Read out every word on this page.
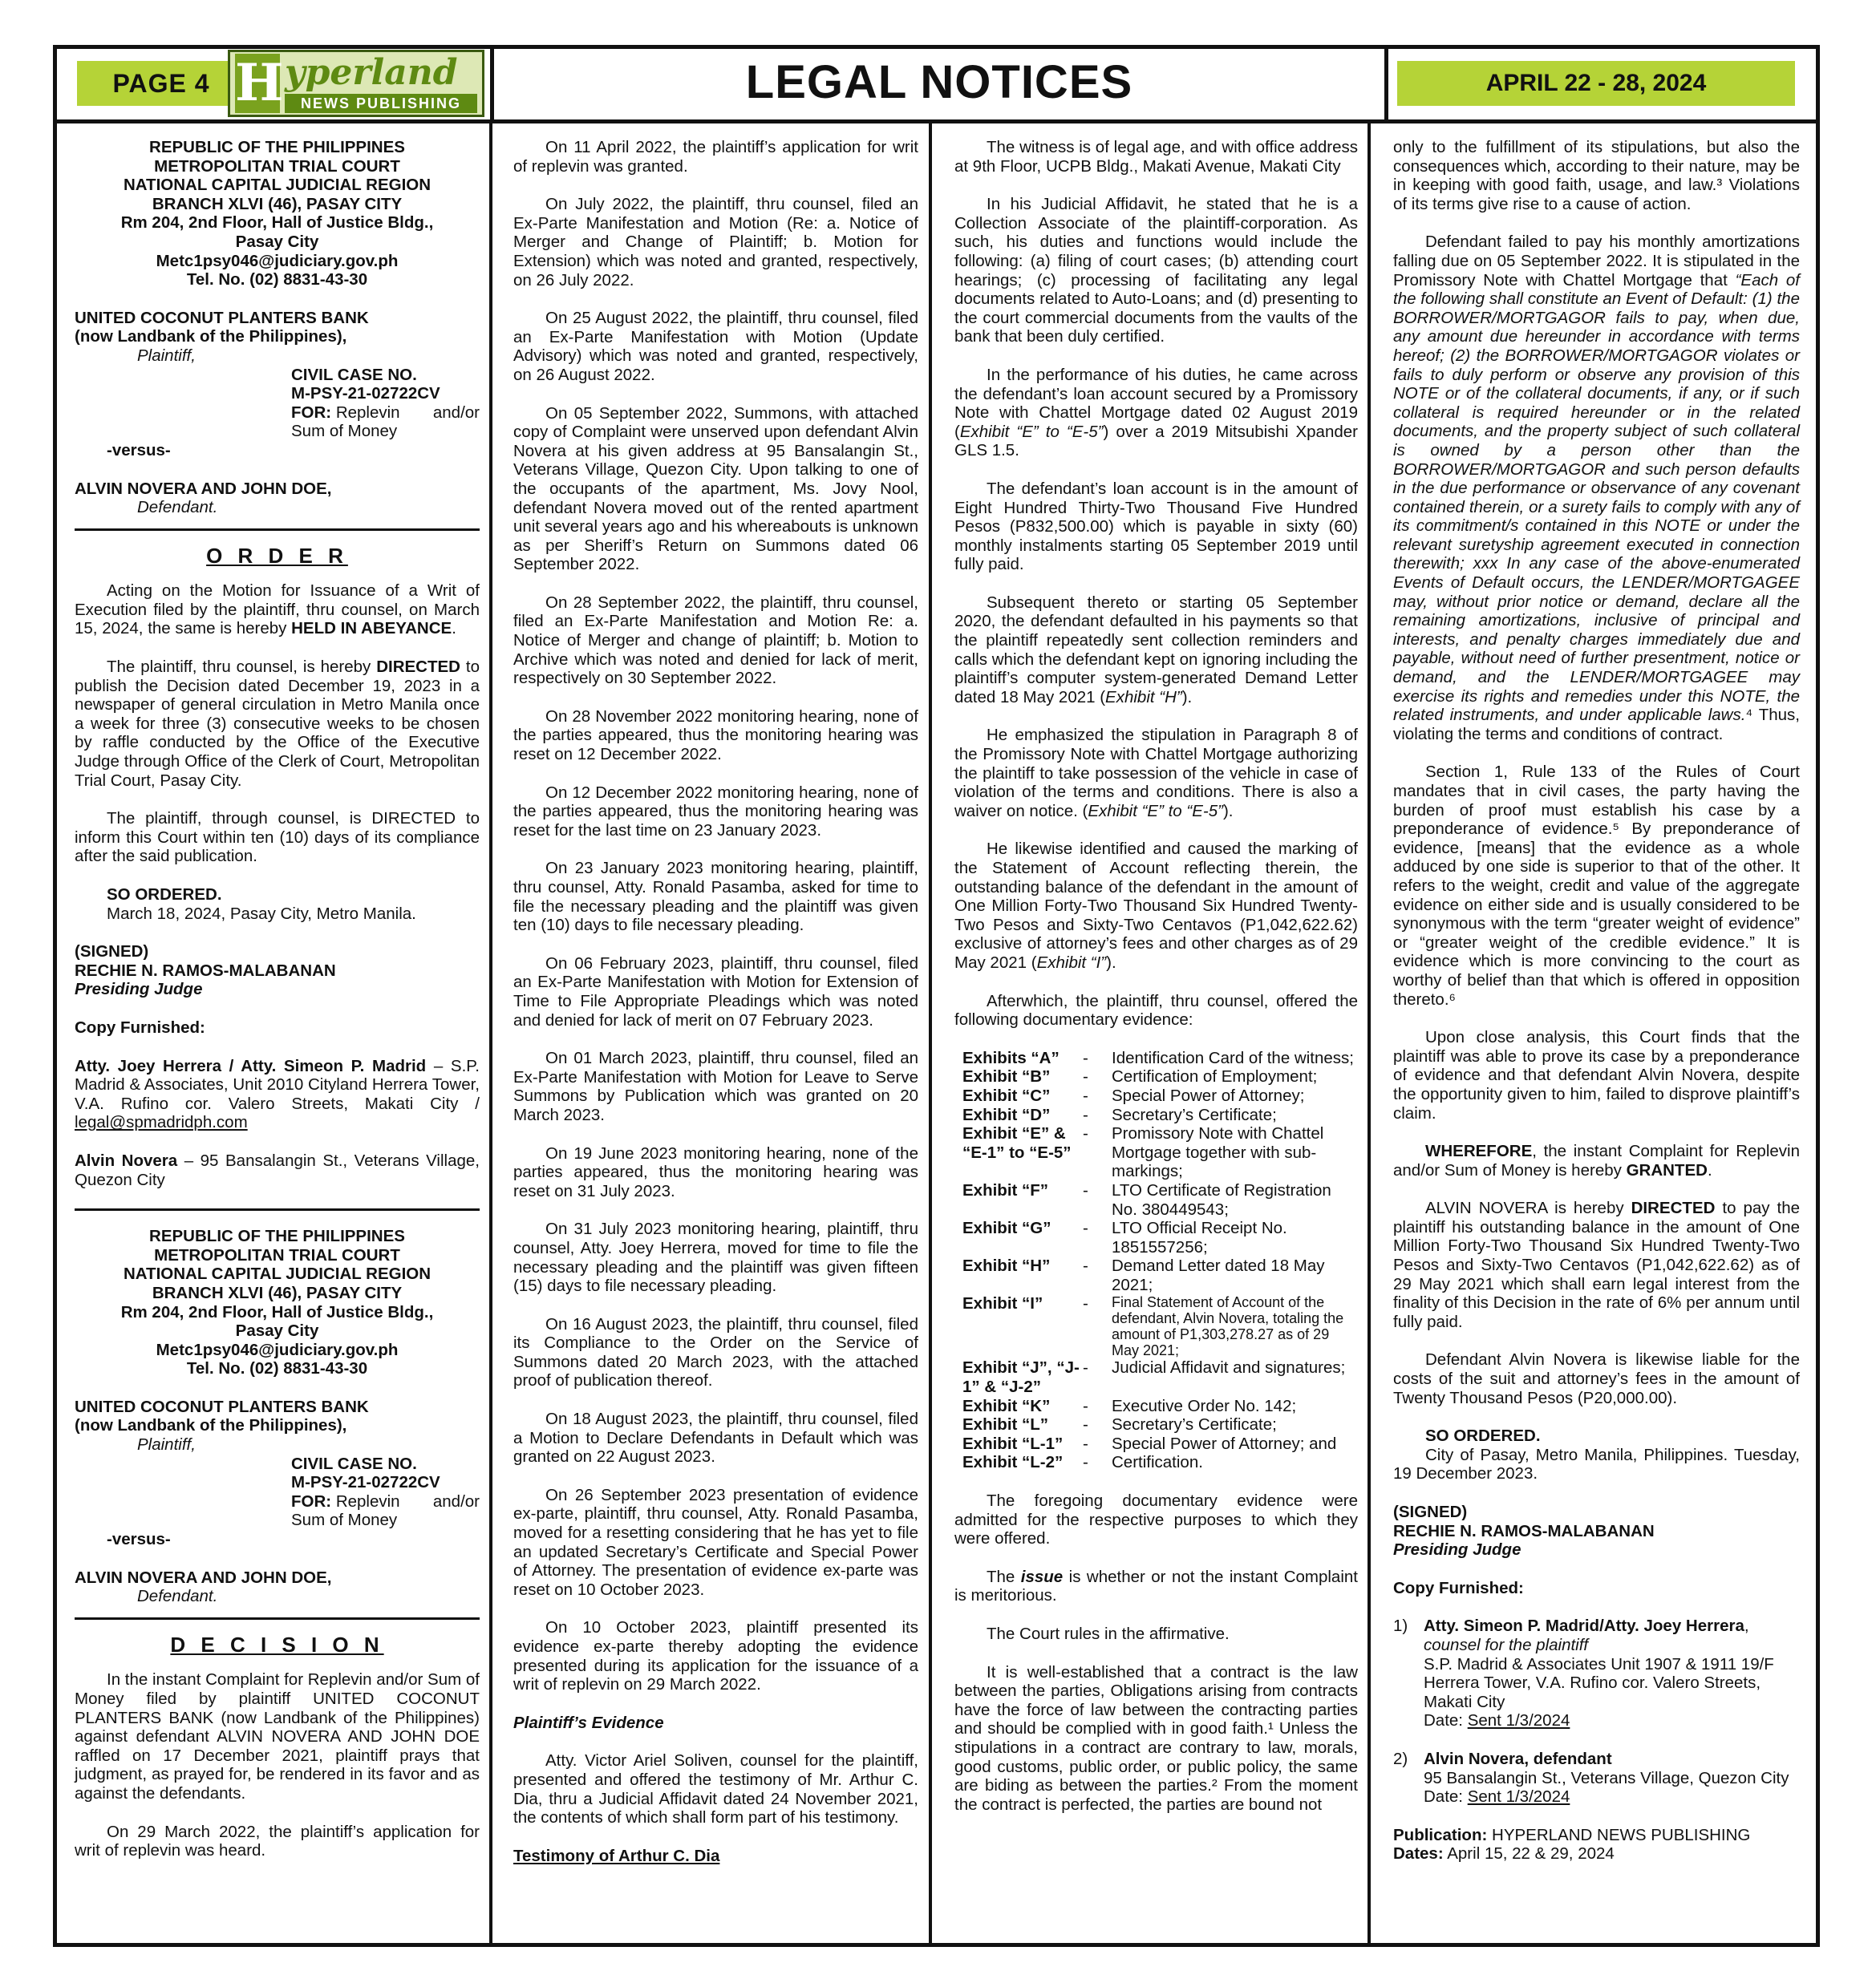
PAGE 4 H yperland
NEWS PUBLISHING	LEGAL NOTICES	APRIL 22 - 28, 2024
REPUBLIC OF THE PHILIPPINES
METROPOLITAN TRIAL COURT
NATIONAL CAPITAL JUDICIAL REGION
BRANCH XLVI (46), PASAY CITY
Rm 204, 2nd Floor, Hall of Justice Bldg.,
Pasay City
Metc1psy046@judiciary.gov.ph
Tel. No. (02) 8831-43-30

UNITED COCONUT PLANTERS BANK

(now Landbank of the Philippines),

Plaintiff,

CIVIL CASE NO.
M-PSY-21-02722CV
FOR: Replevin and/or
Sum of Money

-versus-

ALVIN NOVERA AND JOHN DOE,

Defendant.

O R D E R

Acting on the Motion for Issuance of a Writ of Execution filed by the plaintiff, thru counsel, on March 15, 2024, the same is hereby HELD IN ABEYANCE.

The plaintiff, thru counsel, is hereby DIRECTED to publish the Decision dated December 19, 2023 in a newspaper of general circulation in Metro Manila once a week for three (3) consecutive weeks to be chosen by raffle conducted by the Office of the Executive Judge through Office of the Clerk of Court, Metropolitan Trial Court, Pasay City.

The plaintiff, through counsel, is DIRECTED to inform this Court within ten (10) days of its compliance after the said publication.

SO ORDERED.

March 18, 2024, Pasay City, Metro Manila.

(SIGNED)

RECHIE N. RAMOS-MALABANAN

Presiding Judge

Copy Furnished:

Atty. Joey Herrera / Atty. Simeon P. Madrid – S.P. Madrid & Associates, Unit 2010 Cityland Herrera Tower, V.A. Rufino cor. Valero Streets, Makati City / legal@spmadridph.com

Alvin Novera – 95 Bansalangin St., Veterans Village, Quezon City

REPUBLIC OF THE PHILIPPINES
METROPOLITAN TRIAL COURT
NATIONAL CAPITAL JUDICIAL REGION
BRANCH XLVI (46), PASAY CITY
Rm 204, 2nd Floor, Hall of Justice Bldg.,
Pasay City
Metc1psy046@judiciary.gov.ph
Tel. No. (02) 8831-43-30

UNITED COCONUT PLANTERS BANK

(now Landbank of the Philippines),

Plaintiff,

CIVIL CASE NO.
M-PSY-21-02722CV
FOR: Replevin and/or
Sum of Money

-versus-

ALVIN NOVERA AND JOHN DOE,

Defendant.

D E C I S I O N

In the instant Complaint for Replevin and/or Sum of Money filed by plaintiff UNITED COCONUT PLANTERS BANK (now Landbank of the Philippines) against defendant ALVIN NOVERA AND JOHN DOE raffled on 17 December 2021, plaintiff prays that judgment, as prayed for, be rendered in its favor and as against the defendants.

On 29 March 2022, the plaintiff’s application for writ of replevin was heard.

On 11 April 2022, the plaintiff’s application for writ of replevin was granted.

On July 2022, the plaintiff, thru counsel, filed an Ex-Parte Manifestation and Motion (Re: a. Notice of Merger and Change of Plaintiff; b. Motion for Extension) which was noted and granted, respectively, on 26 July 2022.

On 25 August 2022, the plaintiff, thru counsel, filed an Ex-Parte Manifestation with Motion (Update Advisory) which was noted and granted, respectively, on 26 August 2022.

On 05 September 2022, Summons, with attached copy of Complaint were unserved upon defendant Alvin Novera at his given address at 95 Bansalangin St., Veterans Village, Quezon City. Upon talking to one of the occupants of the apartment, Ms. Jovy Nool, defendant Novera moved out of the rented apartment unit several years ago and his whereabouts is unknown as per Sheriff’s Return on Summons dated 06 September 2022.

On 28 September 2022, the plaintiff, thru counsel, filed an Ex-Parte Manifestation and Motion Re: a. Notice of Merger and change of plaintiff; b. Motion to Archive which was noted and denied for lack of merit, respectively on 30 September 2022.

On 28 November 2022 monitoring hearing, none of the parties appeared, thus the monitoring hearing was reset on 12 December 2022.

On 12 December 2022 monitoring hearing, none of the parties appeared, thus the monitoring hearing was reset for the last time on 23 January 2023.

On 23 January 2023 monitoring hearing, plaintiff, thru counsel, Atty. Ronald Pasamba, asked for time to file the necessary pleading and the plaintiff was given ten (10) days to file necessary pleading.

On 06 February 2023, plaintiff, thru counsel, filed an Ex-Parte Manifestation with Motion for Extension of Time to File Appropriate Pleadings which was noted and denied for lack of merit on 07 February 2023.

On 01 March 2023, plaintiff, thru counsel, filed an Ex-Parte Manifestation with Motion for Leave to Serve Summons by Publication which was granted on 20 March 2023.

On 19 June 2023 monitoring hearing, none of the parties appeared, thus the monitoring hearing was reset on 31 July 2023.

On 31 July 2023 monitoring hearing, plaintiff, thru counsel, Atty. Joey Herrera, moved for time to file the necessary pleading and the plaintiff was given fifteen (15) days to file necessary pleading.

On 16 August 2023, the plaintiff, thru counsel, filed its Compliance to the Order on the Service of Summons dated 20 March 2023, with the attached proof of publication thereof.

On 18 August 2023, the plaintiff, thru counsel, filed a Motion to Declare Defendants in Default which was granted on 22 August 2023.

On 26 September 2023 presentation of evidence ex-parte, plaintiff, thru counsel, Atty. Ronald Pasamba, moved for a resetting considering that he has yet to file an updated Secretary’s Certificate and Special Power of Attorney. The presentation of evidence ex-parte was reset on 10 October 2023.

On 10 October 2023, plaintiff presented its evidence ex-parte thereby adopting the evidence presented during its application for the issuance of a writ of replevin on 29 March 2022.

Plaintiff’s Evidence

Atty. Victor Ariel Soliven, counsel for the plaintiff, presented and offered the testimony of Mr. Arthur C. Dia, thru a Judicial Affidavit dated 24 November 2021, the contents of which shall form part of his testimony.

Testimony of Arthur C. Dia

The witness is of legal age, and with office address at 9th Floor, UCPB Bldg., Makati Avenue, Makati City

In his Judicial Affidavit, he stated that he is a Collection Associate of the plaintiff-corporation. As such, his duties and functions would include the following: (a) filing of court cases; (b) attending court hearings; (c) processing of facilitating any legal documents related to Auto-Loans; and (d) presenting to the court commercial documents from the vaults of the bank that been duly certified.

In the performance of his duties, he came across the defendant’s loan account secured by a Promissory Note with Chattel Mortgage dated 02 August 2019 (Exhibit “E” to “E-5”) over a 2019 Mitsubishi Xpander GLS 1.5.

The defendant’s loan account is in the amount of Eight Hundred Thirty-Two Thousand Five Hundred Pesos (P832,500.00) which is payable in sixty (60) monthly instalments starting 05 September 2019 until fully paid.

Subsequent thereto or starting 05 September 2020, the defendant defaulted in his payments so that the plaintiff repeatedly sent collection reminders and calls which the defendant kept on ignoring including the plaintiff’s computer system-generated Demand Letter dated 18 May 2021 (Exhibit “H”).

He emphasized the stipulation in Paragraph 8 of the Promissory Note with Chattel Mortgage authorizing the plaintiff to take possession of the vehicle in case of violation of the terms and conditions. There is also a waiver on notice. (Exhibit “E” to “E-5”).

He likewise identified and caused the marking of the Statement of Account reflecting therein, the outstanding balance of the defendant in the amount of One Million Forty-Two Thousand Six Hundred Twenty-Two Pesos and Sixty-Two Centavos (P1,042,622.62) exclusive of attorney’s fees and other charges as of 29 May 2021 (Exhibit “I”).

Afterwhich, the plaintiff, thru counsel, offered the following documentary evidence:

Exhibits “A”	-	Identification Card of the witness;
Exhibit “B”	-	Certification of Employment;
Exhibit “C”	-	Special Power of Attorney;
Exhibit “D”	-	Secretary’s Certificate;
Exhibit “E” & “E-1” to “E-5”
-	Promissory Note with Chattel Mortgage together with sub-markings;
Exhibit “F”	-	LTO Certificate of Registration No. 380449543;
Exhibit “G”	-	LTO Official Receipt No. 1851557256;
Exhibit “H”	-	Demand Letter dated 18 May 2021;
Exhibit “I”	-	Final Statement of Account of the defendant, Alvin Novera, totaling the amount of P1,303,278.27 as of 29 May 2021;
Exhibit “J”, “J-1” & “J-2”
-	Judicial Affidavit and signatures;
Exhibit “K”	-	Executive Order No. 142;
Exhibit “L”	-	Secretary’s Certificate;
Exhibit “L-1”	-	Special Power of Attorney; and
Exhibit “L-2”	-	Certification.

The foregoing documentary evidence were admitted for the respective purposes to which they were offered.

The issue is whether or not the instant Complaint is meritorious.

The Court rules in the affirmative.

It is well-established that a contract is the law between the parties, Obligations arising from contracts have the force of law between the contracting parties and should be complied with in good faith.¹ Unless the stipulations in a contract are contrary to law, morals, good customs, public order, or public policy, the same are biding as between the parties.² From the moment the contract is perfected, the parties are bound not

only to the fulfillment of its stipulations, but also the consequences which, according to their nature, may be in keeping with good faith, usage, and law.³ Violations of its terms give rise to a cause of action.

Defendant failed to pay his monthly amortizations falling due on 05 September 2022. It is stipulated in the Promissory Note with Chattel Mortgage that “Each of the following shall constitute an Event of Default: (1) the BORROWER/MORTGAGOR fails to pay, when due, any amount due hereunder in accordance with terms hereof; (2) the BORROWER/MORTGAGOR violates or fails to duly perform or observe any provision of this NOTE or of the collateral documents, if any, or if such collateral is required hereunder or in the related documents, and the property subject of such collateral is owned by a person other than the BORROWER/MORTGAGOR and such person defaults in the due performance or observance of any covenant contained therein, or a surety fails to comply with any of its commitment/s contained in this NOTE or under the relevant suretyship agreement executed in connection therewith; xxx In any case of the above-enumerated Events of Default occurs, the LENDER/MORTGAGEE may, without prior notice or demand, declare all the remaining amortizations, inclusive of principal and interests, and penalty charges immediately due and payable, without need of further presentment, notice or demand, and the LENDER/MORTGAGEE may exercise its rights and remedies under this NOTE, the related instruments, and under applicable laws.⁴ Thus, violating the terms and conditions of contract.

Section 1, Rule 133 of the Rules of Court mandates that in civil cases, the party having the burden of proof must establish his case by a preponderance of evidence.⁵ By preponderance of evidence, [means] that the evidence as a whole adduced by one side is superior to that of the other. It refers to the weight, credit and value of the aggregate evidence on either side and is usually considered to be synonymous with the term “greater weight of evidence” or “greater weight of the credible evidence.” It is evidence which is more convincing to the court as worthy of belief than that which is offered in opposition thereto.⁶

Upon close analysis, this Court finds that the plaintiff was able to prove its case by a preponderance of evidence and that defendant Alvin Novera, despite the opportunity given to him, failed to disprove plaintiff’s claim.

WHEREFORE, the instant Complaint for Replevin and/or Sum of Money is hereby GRANTED.

ALVIN NOVERA is hereby DIRECTED to pay the plaintiff his outstanding balance in the amount of One Million Forty-Two Thousand Six Hundred Twenty-Two Pesos and Sixty-Two Centavos (P1,042,622.62) as of 29 May 2021 which shall earn legal interest from the finality of this Decision in the rate of 6% per annum until fully paid.

Defendant Alvin Novera is likewise liable for the costs of the suit and attorney’s fees in the amount of Twenty Thousand Pesos (P20,000.00).

SO ORDERED.

City of Pasay, Metro Manila, Philippines. Tuesday, 19 December 2023.

(SIGNED)

RECHIE N. RAMOS-MALABANAN

Presiding Judge

Copy Furnished:

1) Atty. Simeon P. Madrid/Atty. Joey Herrera,
counsel for the plaintiff
S.P. Madrid & Associates Unit 1907 & 1911 19/F Herrera Tower, V.A. Rufino cor. Valero Streets, Makati City
Date: Sent 1/3/2024
2) Alvin Novera, defendant
95 Bansalangin St., Veterans Village, Quezon City
Date: Sent 1/3/2024

Publication: HYPERLAND NEWS PUBLISHING

Dates: April 15, 22 & 29, 2024
